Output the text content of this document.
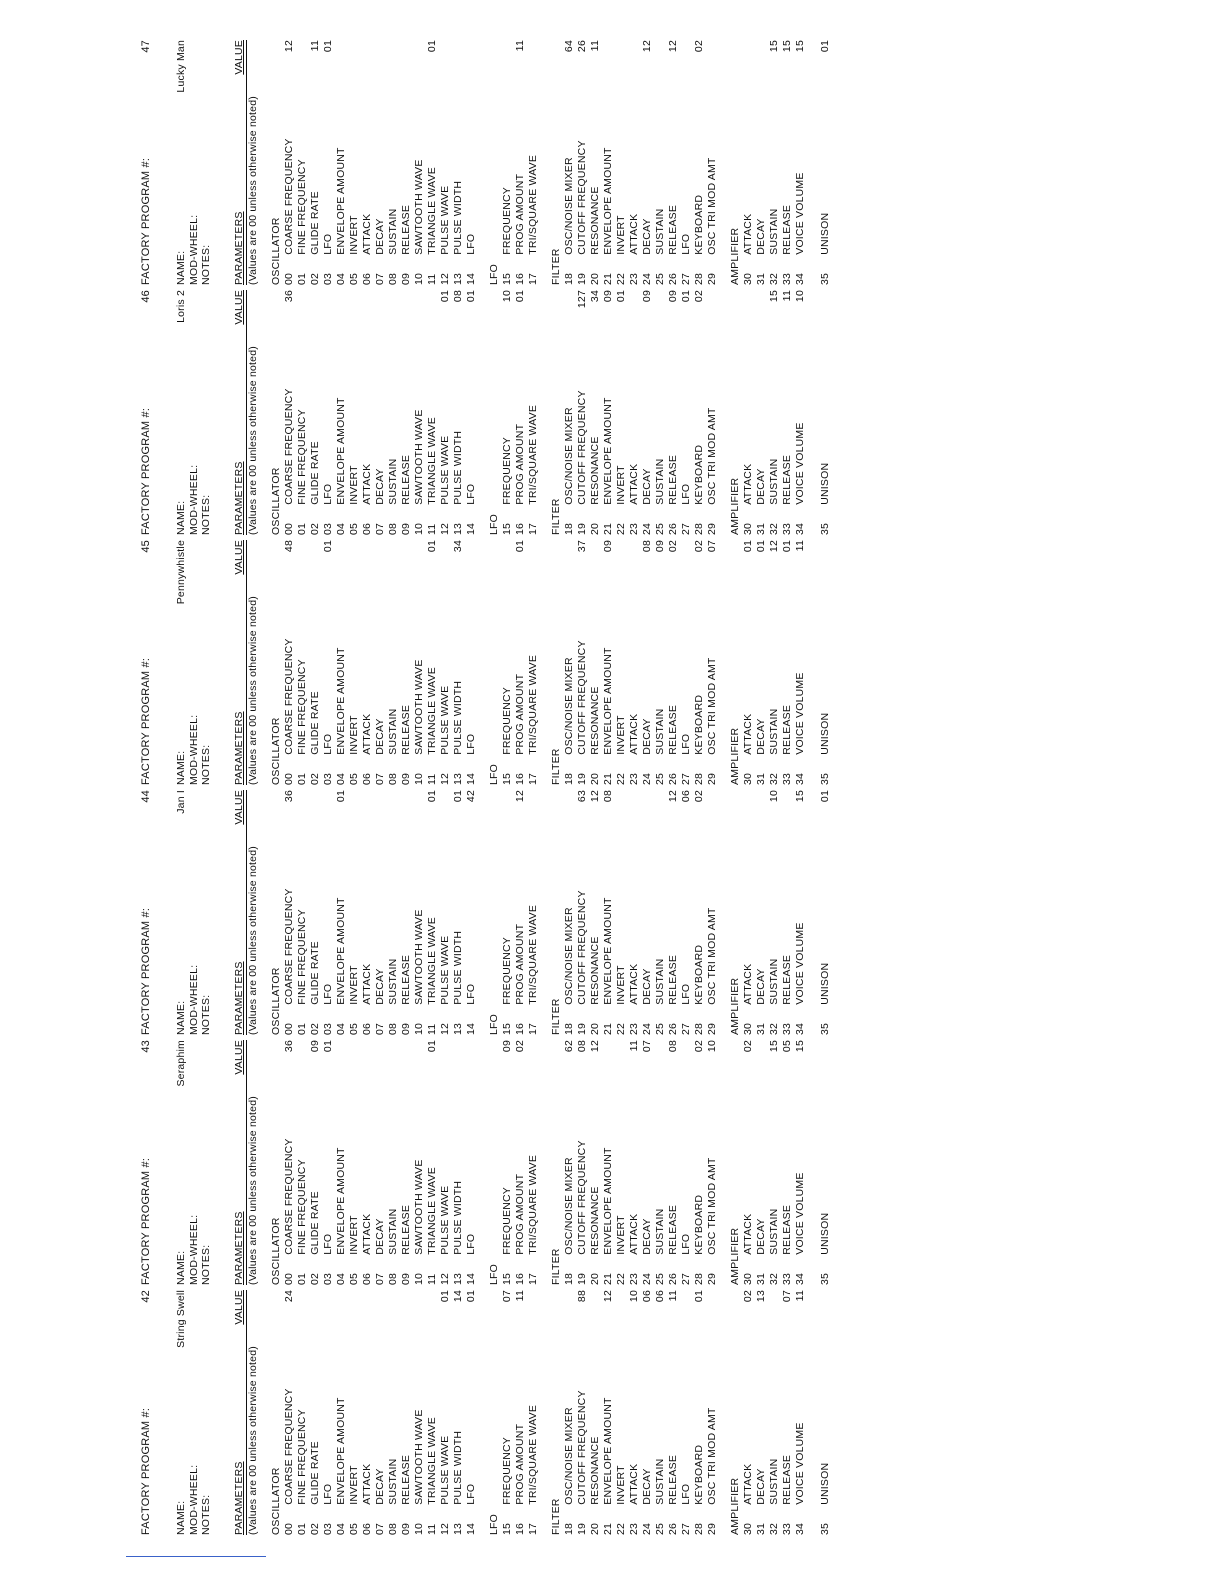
FACTORY PROGRAM #:
42
NAME:
String Swell
MOD-WHEEL: NOTES: PARAMETERS
VALUE
(Values are 00 unless otherwise noted) OSCILLATOR 00
COARSE FREQUENCY
24
01
FINE FREQUENCY
02
GLIDE RATE
03
LFO
04
ENVELOPE AMOUNT
05
INVERT
06
ATTACK
07
DECAY
08
SUSTAIN
09
RELEASE
10
SAWTOOTH WAVE
11
TRIANGLE WAVE
12
PULSE WAVE
01
13
PULSE WIDTH
14
14
LFO
01
LFO 15
FREQUENCY
07
16
PROG AMOUNT
11
17
TRI/SQUARE WAVE
FILTER 18
OSC/NOISE MIXER
19
CUTOFF FREQUENCY
88
20
RESONANCE
21
ENVELOPE AMOUNT
12
22
INVERT
23
ATTACK
10
24
DECAY
06
25
SUSTAIN
06
26
RELEASE
11
27
LFO
28
KEYBOARD
01
29
OSC TRI MOD AMT AMPLIFIER 30
ATTACK
02
31
DECAY
13
32
SUSTAIN
33
RELEASE
07
34
VOICE VOLUME
11
35
UNISON
FACTORY PROGRAM #:
43
NAME:
Seraphim
MOD-WHEEL: NOTES: PARAMETERS
VALUE
(Values are 00 unless otherwise noted) OSCILLATOR 00
COARSE FREQUENCY
36
01
FINE FREQUENCY
02
GLIDE RATE
09
03
LFO
01
04
ENVELOPE AMOUNT
05
INVERT
06
ATTACK
07
DECAY
08
SUSTAIN
09
RELEASE
10
SAWTOOTH WAVE
11
TRIANGLE WAVE
01
12
PULSE WAVE
13
PULSE WIDTH
14
LFO
LFO 15
FREQUENCY
09
16
PROG AMOUNT
02
17
TRI/SQUARE WAVE
FILTER 18
OSC/NOISE MIXER
62
19
CUTOFF FREQUENCY
08
20
RESONANCE
12
21
ENVELOPE AMOUNT
22
INVERT
23
ATTACK
11
24
DECAY
07
25
SUSTAIN
26
RELEASE
08
27
LFO
28
KEYBOARD
02
29
OSC TRI MOD AMT
10
AMPLIFIER 30
ATTACK
02
31
DECAY
32
SUSTAIN
15
33
RELEASE
05
34
VOICE VOLUME
15
35
UNISON
FACTORY PROGRAM #:
44
NAME:
Jan I
MOD-WHEEL: NOTES: PARAMETERS
VALUE
(Values are 00 unless otherwise noted) OSCILLATOR 00
COARSE FREQUENCY
36
01
FINE FREQUENCY
02
GLIDE RATE
03
LFO
04
ENVELOPE AMOUNT
01
05
INVERT
06
ATTACK
07
DECAY
08
SUSTAIN
09
RELEASE
10
SAWTOOTH WAVE
11
TRIANGLE WAVE
01
12
PULSE WAVE
13
PULSE WIDTH
01
14
LFO
42
LFO 15
FREQUENCY
16
PROG AMOUNT
12
17
TRI/SQUARE WAVE
FILTER 18
OSC/NOISE MIXER
19
CUTOFF FREQUENCY
63
20
RESONANCE
12
21
ENVELOPE AMOUNT
08
22
INVERT
23
ATTACK
24
DECAY
25
SUSTAIN
26
RELEASE
12
27
LFO
06
28
KEYBOARD
02
29
OSC TRI MOD AMT AMPLIFIER 30
ATTACK
31
DECAY
32
SUSTAIN
10
33
RELEASE
34
VOICE VOLUME
15
35
UNISON
01
FACTORY PROGRAM #:
45
NAME:
Pennywhistle
MOD-WHEEL: NOTES: PARAMETERS
VALUE
(Values are 00 unless otherwise noted) OSCILLATOR 00
COARSE FREQUENCY
48
01
FINE FREQUENCY
02
GLIDE RATE
03
LFO
01
04
ENVELOPE AMOUNT
05
INVERT
06
ATTACK
07
DECAY
08
SUSTAIN
09
RELEASE
10
SAWTOOTH WAVE
11
TRIANGLE WAVE
01
12
PULSE WAVE
13
PULSE WIDTH
34
14
LFO
LFO 15
FREQUENCY
16
PROG AMOUNT
01
17
TRI/SQUARE WAVE
FILTER 18
OSC/NOISE MIXER
19
CUTOFF FREQUENCY
37
20
RESONANCE
21
ENVELOPE AMOUNT
09
22
INVERT
23
ATTACK
24
DECAY
08
25
SUSTAIN
09
26
RELEASE
02
27
LFO
28
KEYBOARD
02
29
OSC TRI MOD AMT
07
AMPLIFIER 30
ATTACK
01
31
DECAY
01
32
SUSTAIN
12
33
RELEASE
01
34
VOICE VOLUME
11
35
UNISON
FACTORY PROGRAM #:
46
NAME:
Loris 2
MOD-WHEEL: NOTES: PARAMETERS
VALUE
(Values are 00 unless otherwise noted) OSCILLATOR 00
COARSE FREQUENCY
36
01
FINE FREQUENCY
02
GLIDE RATE
03
LFO
04
ENVELOPE AMOUNT
05
INVERT
06
ATTACK
07
DECAY
08
SUSTAIN
09
RELEASE
10
SAWTOOTH WAVE
11
TRIANGLE WAVE
12
PULSE WAVE
01
13
PULSE WIDTH
08
14
LFO
01
LFO 15
FREQUENCY
10
16
PROG AMOUNT
01
17
TRI/SQUARE WAVE
FILTER 18
OSC/NOISE MIXER
19
CUTOFF FREQUENCY
127
20
RESONANCE
34
21
ENVELOPE AMOUNT
09
22
INVERT
01
23
ATTACK
24
DECAY
09
25
SUSTAIN
26
RELEASE
09
27
LFO
01
28
KEYBOARD
02
29
OSC TRI MOD AMT AMPLIFIER 30
ATTACK
31
DECAY
32
SUSTAIN
15
33
RELEASE
11
34
VOICE VOLUME
10
35
UNISON
FACTORY PROGRAM #:
47
NAME:
Lucky Man
MOD-WHEEL: NOTES: PARAMETERS
VALUE
(Values are 00 unless otherwise noted) OSCILLATOR 00
COARSE FREQUENCY
12
01
FINE FREQUENCY
02
GLIDE RATE
11
03
LFO
01
04
ENVELOPE AMOUNT
05
INVERT
06
ATTACK
07
DECAY
08
SUSTAIN
09
RELEASE
10
SAWTOOTH WAVE
11
TRIANGLE WAVE
01
12
PULSE WAVE
13
PULSE WIDTH
14
LFO
LFO 15
FREQUENCY
16
PROG AMOUNT
11
17
TRI/SQUARE WAVE
FILTER 18
OSC/NOISE MIXER
64
19
CUTOFF FREQUENCY
26
20
RESONANCE
11
21
ENVELOPE AMOUNT
22
INVERT
23
ATTACK
24
DECAY
12
25
SUSTAIN
26
RELEASE
12
27
LFO
28
KEYBOARD
02
29
OSC TRI MOD AMT AMPLIFIER 30
ATTACK
31
DECAY
32
SUSTAIN
15
33
RELEASE
15
34
VOICE VOLUME
15
35
UNISON
01
